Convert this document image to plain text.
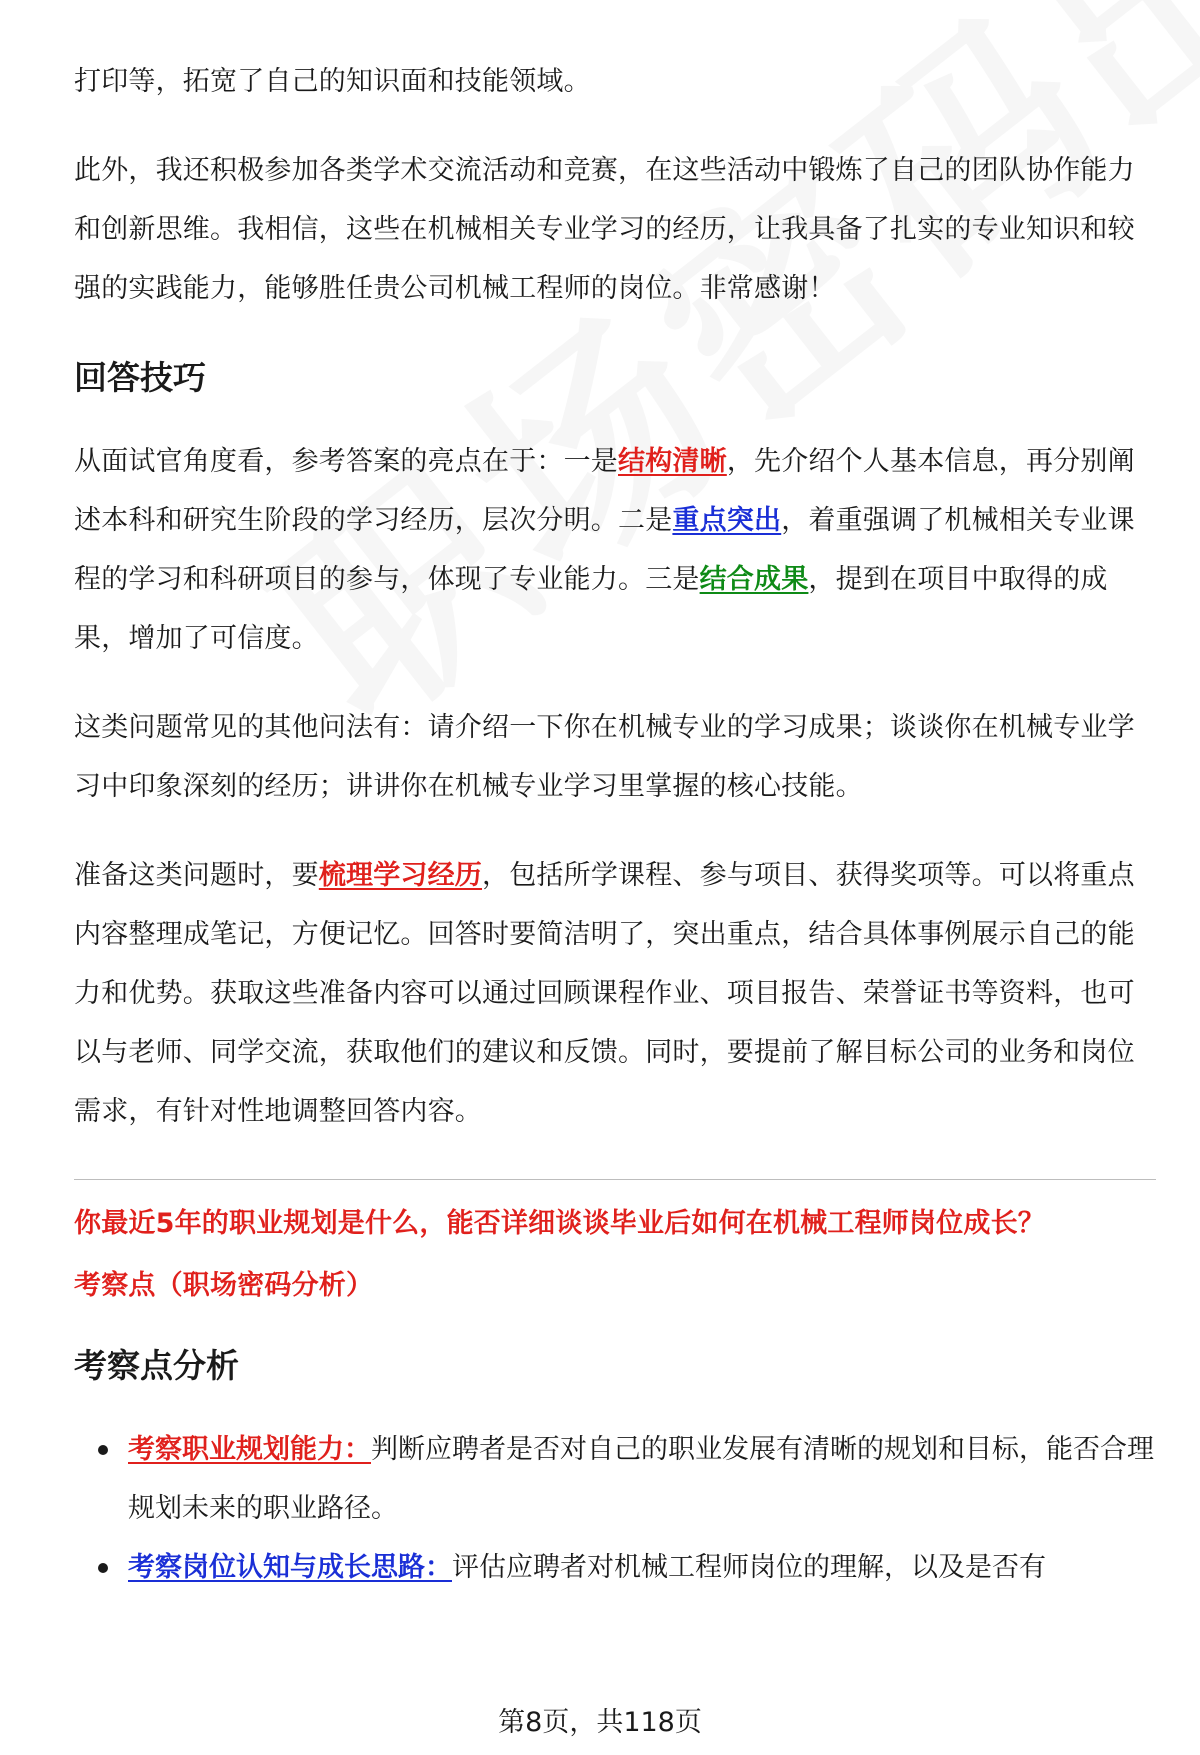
打印等，拓宽了自己的知识面和技能领域。

此外，我还积极参加各类学术交流活动和竞赛，在这些活动中锻炼了自己的团队协作能力和创新思维。我相信，这些在机械相关专业学习的经历，让我具备了扎实的专业知识和较强的实践能力，能够胜任贵公司机械工程师的岗位。非常感谢！

回答技巧

从面试官角度看，参考答案的亮点在于：一是结构清晰，先介绍个人基本信息，再分别阐述本科和研究生阶段的学习经历，层次分明。二是重点突出，着重强调了机械相关专业课程的学习和科研项目的参与，体现了专业能力。三是结合成果，提到在项目中取得的成果，增加了可信度。

这类问题常见的其他问法有：请介绍一下你在机械专业的学习成果；谈谈你在机械专业学习中印象深刻的经历；讲讲你在机械专业学习里掌握的核心技能。

准备这类问题时，要梳理学习经历，包括所学课程、参与项目、获得奖项等。可以将重点内容整理成笔记，方便记忆。回答时要简洁明了，突出重点，结合具体事例展示自己的能力和优势。获取这些准备内容可以通过回顾课程作业、项目报告、荣誉证书等资料，也可以与老师、同学交流，获取他们的建议和反馈。同时，要提前了解目标公司的业务和岗位需求，有针对性地调整回答内容。

你最近5年的职业规划是什么，能否详细谈谈毕业后如何在机械工程师岗位成长？

考察点（职场密码分析）

考察点分析
考察职业规划能力：判断应聘者是否对自己的职业发展有清晰的规划和目标，能否合理规划未来的职业路径。
考察岗位认知与成长思路：评估应聘者对机械工程师岗位的理解，以及是否有
第8页，共118页
